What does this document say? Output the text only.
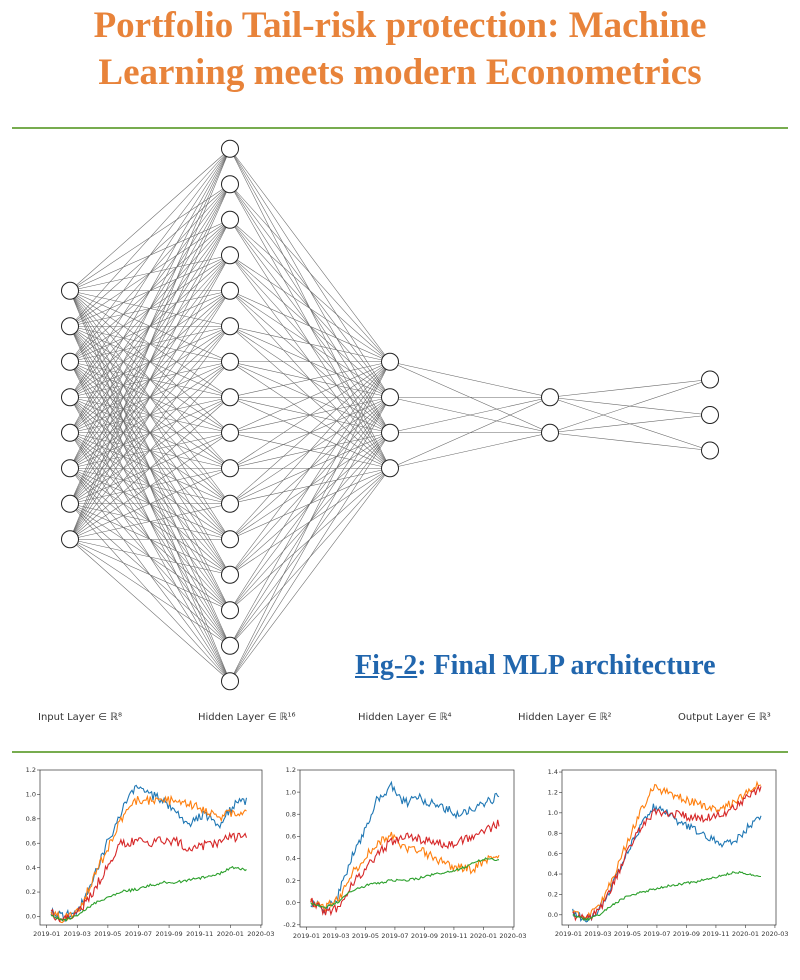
Portfolio Tail-risk protection: Machine
Learning meets modern Econometrics
Fig-2: Final MLP architecture
Input Layer ∈ ℝ⁸	Hidden Layer ∈ ℝ¹⁶	Hidden Layer ∈ ℝ⁴	Hidden Layer ∈ ℝ²	Output Layer ∈ ℝ³
0.0
0.2
0.4
0.6
0.8
1.0
1.2
2019-01 2019-03 2019-05 2019-07 2019-09 2019-11 2020-01 2020-03
-0.2
0.0
0.2
0.4
0.6
0.8
1.0
1.2
2019-01 2019-03 2019-05 2019-07 2019-09 2019-11 2020-01 2020-03
0.0
0.2
0.4
0.6
0.8
1.0
1.2
1.4
2019-01 2019-03 2019-05 2019-07 2019-09 2019-11 2020-01 2020-03
